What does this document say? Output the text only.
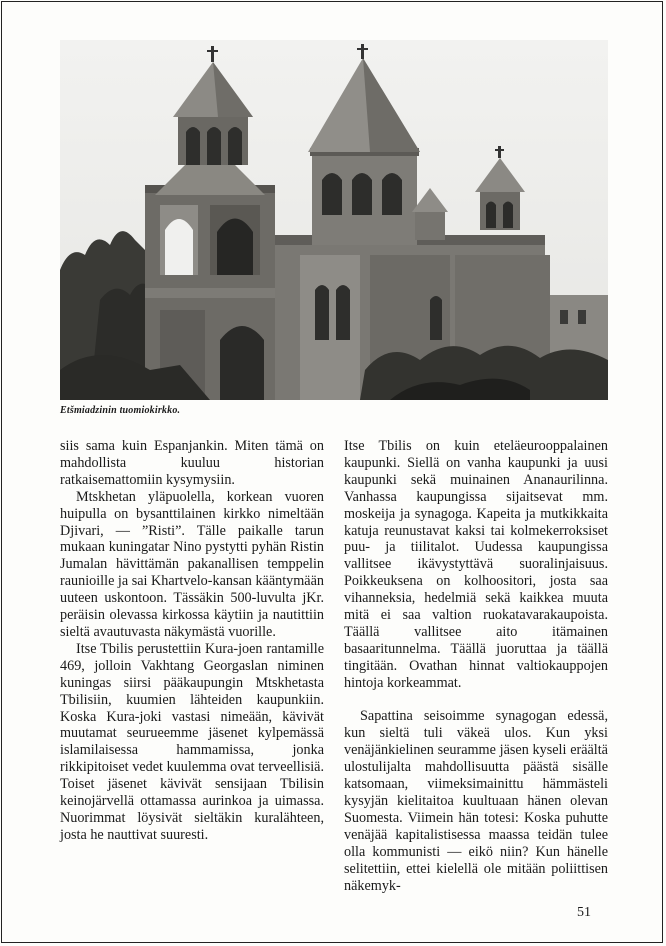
Etšmiadzinin tuomiokirkko.

siis sama kuin Espanjankin. Miten tämä on mahdollista kuuluu historian ratkaisemattomiin kysymysiin.

Mtskhetan yläpuolella, korkean vuoren huipulla on bysanttilainen kirkko nimeltään Djivari, — ”Risti”. Tälle paikalle tarun mukaan kuningatar Nino pystytti pyhän Ristin Jumalan hävittämän pakanallisen temppelin raunioille ja sai Khartvelo-kansan kääntymään uuteen uskontoon. Tässäkin 500-luvulta jKr. peräisin olevassa kirkossa käytiin ja nautittiin sieltä avautuvasta näkymästä vuorille.

Itse Tbilis perustettiin Kura-joen rantamille 469, jolloin Vakhtang Georgaslan niminen kuningas siirsi pääkaupungin Mtskhetasta Tbilisiin, kuumien lähteiden kaupunkiin. Koska Kura-joki vastasi nimeään, kävivät muutamat seurueemme jäsenet kylpemässä islamilaisessa hammamissa, jonka rikkipitoiset vedet kuulemma ovat terveellisiä. Toiset jäsenet kävivät sensijaan Tbilisin keinojärvellä ottamassa aurinkoa ja uimassa. Nuorimmat löysivät sieltäkin kuralähteen, josta he nauttivat suuresti.

Itse Tbilis on kuin eteläeurooppalainen kaupunki. Siellä on vanha kaupunki ja uusi kaupunki sekä muinainen Ananaurilinna. Vanhassa kaupungissa sijaitsevat mm. moskeija ja synagoga. Kapeita ja mutkikkaita katuja reunustavat kaksi tai kolmekerroksiset puu- ja tiilitalot. Uudessa kaupungissa vallitsee ikävystyttävä suoralinjaisuus. Poikkeuksena on kolhoositori, josta saa vihanneksia, hedelmiä sekä kaikkea muuta mitä ei saa valtion ruokatavarakaupoista. Täällä vallitsee aito itämainen basaaritunnelma. Täällä juoruttaa ja täällä tingitään. Ovathan hinnat valtiokauppojen hintoja korkeammat.

Sapattina seisoimme synagogan edessä, kun sieltä tuli väkeä ulos. Kun yksi venäjänkielinen seuramme jäsen kyseli eräältä ulostulijalta mahdollisuutta päästä sisälle katsomaan, viimeksimainittu hämmästeli kysyjän kielitaitoa kuultuaan hänen olevan Suomesta. Viimein hän totesi: Koska puhutte venäjää kapitalistisessa maassa teidän tulee olla kommunisti — eikö niin? Kun hänelle selitettiin, ettei kielellä ole mitään poliittisen näkemyk-

51
